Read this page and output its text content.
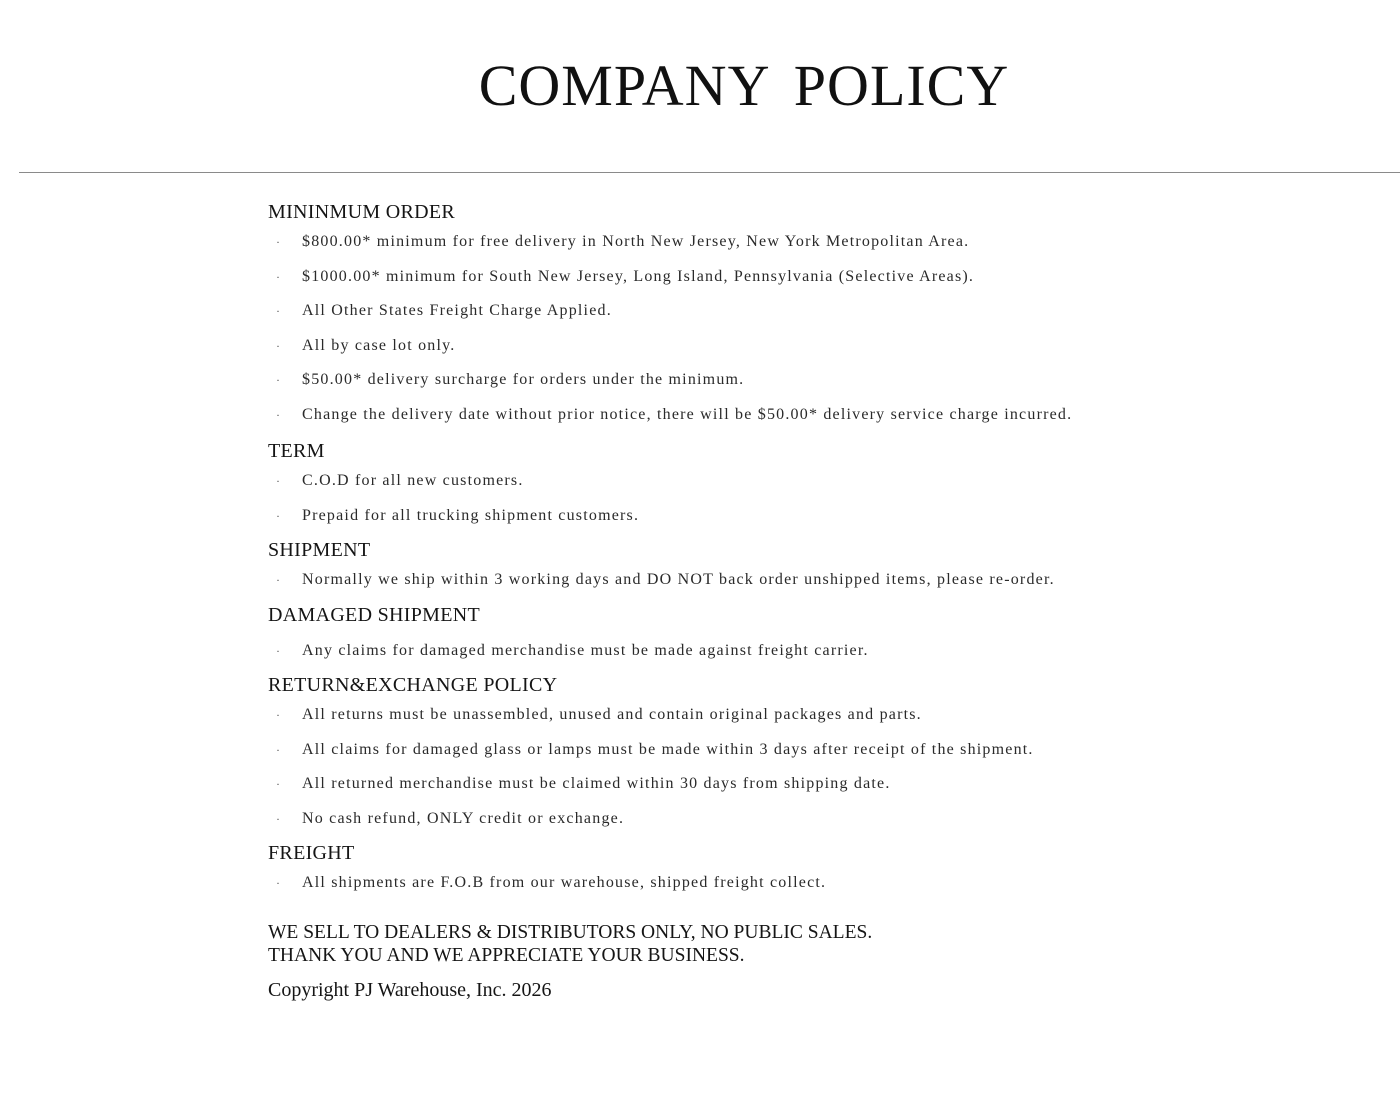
COMPANY POLICY
MININMUM ORDER
· $800.00* minimum for free delivery in North New Jersey, New York Metropolitan Area.
· $1000.00* minimum for South New Jersey, Long Island, Pennsylvania (Selective Areas).
· All Other States Freight Charge Applied.
· All by case lot only.
· $50.00* delivery surcharge for orders under the minimum.
· Change the delivery date without prior notice, there will be $50.00* delivery service charge incurred.
TERM
· C.O.D for all new customers.
· Prepaid for all trucking shipment customers.
SHIPMENT
· Normally we ship within 3 working days and DO NOT back order unshipped items, please re-order.
DAMAGED SHIPMENT
· Any claims for damaged merchandise must be made against freight carrier.
RETURN&EXCHANGE POLICY
· All returns must be unassembled, unused and contain original packages and parts.
· All claims for damaged glass or lamps must be made within 3 days after receipt of the shipment.
· All returned merchandise must be claimed within 30 days from shipping date.
· No cash refund, ONLY credit or exchange.
FREIGHT
· All shipments are F.O.B from our warehouse, shipped freight collect.

WE SELL TO DEALERS & DISTRIBUTORS ONLY, NO PUBLIC SALES.

THANK YOU AND WE APPRECIATE YOUR BUSINESS.

Copyright PJ Warehouse, Inc. 2026
